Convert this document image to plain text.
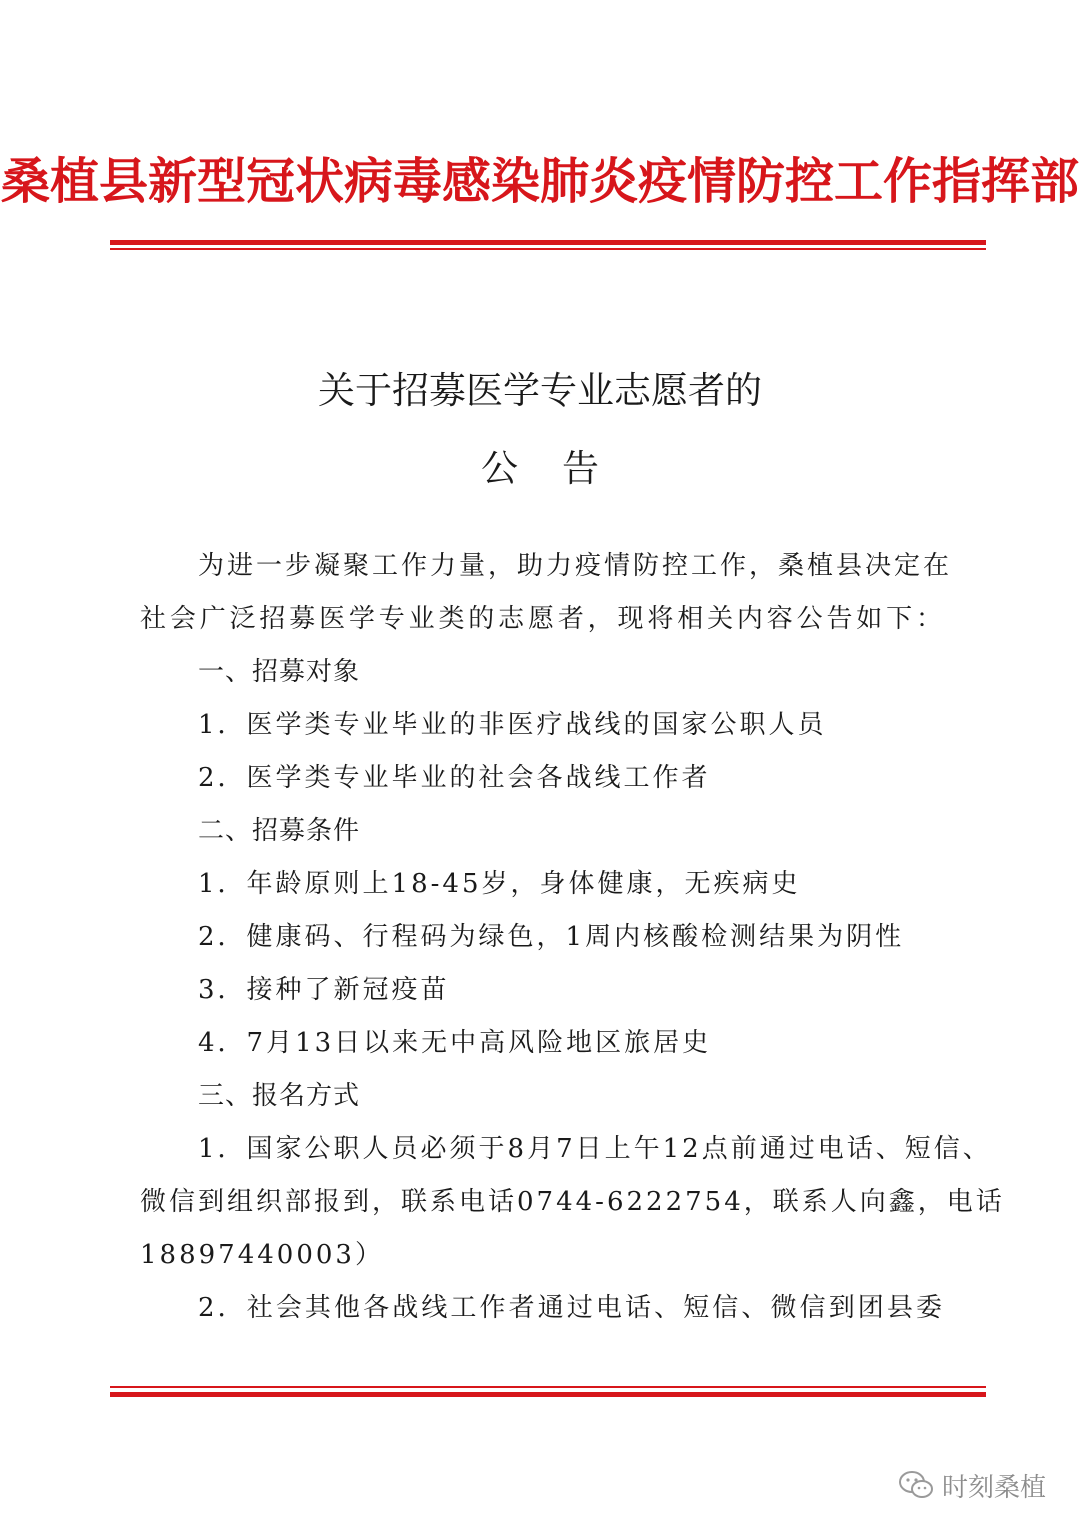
桑植县新型冠状病毒感染肺炎疫情防控工作指挥部
关于招募医学专业志愿者的
公告
为进一步凝聚工作力量，助力疫情防控工作，桑植县决定在
社会广泛招募医学专业类的志愿者，现将相关内容公告如下：
一、招募对象
1．医学类专业毕业的非医疗战线的国家公职人员
2．医学类专业毕业的社会各战线工作者
二、招募条件
1．年龄原则上18-45岁，身体健康，无疾病史
2．健康码、行程码为绿色，1周内核酸检测结果为阴性
3．接种了新冠疫苗
4．7月13日以来无中高风险地区旅居史
三、报名方式
1．国家公职人员必须于8月7日上午12点前通过电话、短信、
微信到组织部报到，联系电话0744-6222754，联系人向鑫，电话
18897440003）
2．社会其他各战线工作者通过电话、短信、微信到团县委
时刻桑植
